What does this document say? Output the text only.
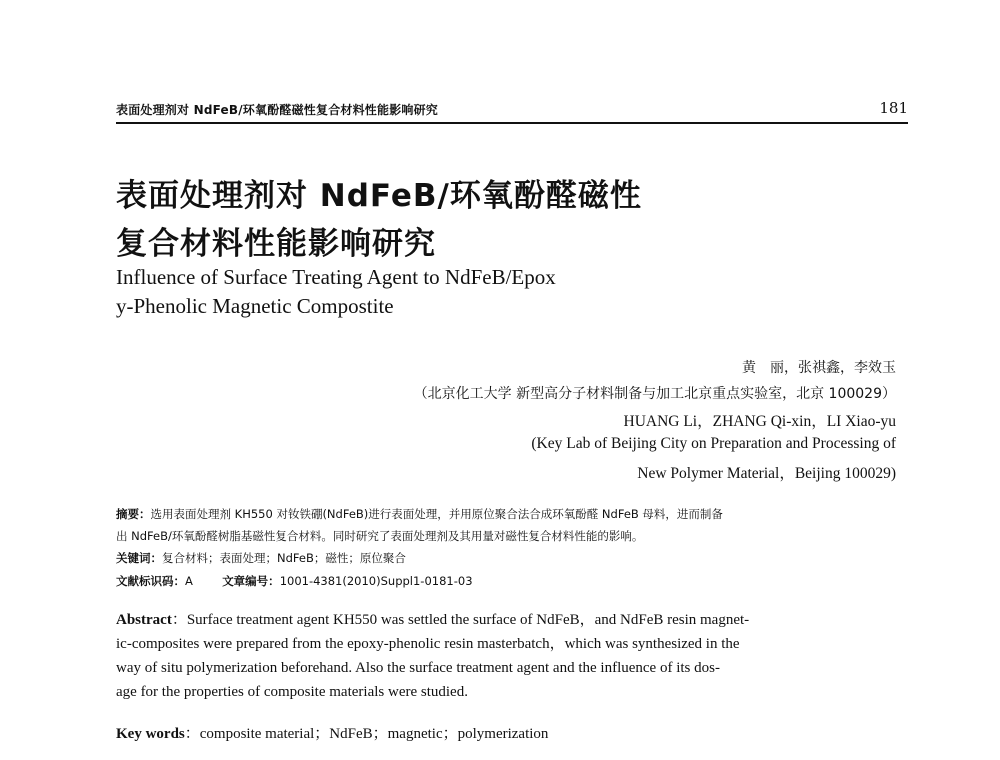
表面处理剂对 NdFeB/环氧酚醛磁性复合材料性能影响研究	181
表面处理剂对 NdFeB/环氧酚醛磁性
复合材料性能影响研究
Influence of Surface Treating Agent to NdFeB/Epox
y-Phenolic Magnetic Compostite
黄　丽，张祺鑫，李效玉
（北京化工大学 新型高分子材料制备与加工北京重点实验室，北京 100029）
HUANG Li，ZHANG Qi-xin，LI Xiao-yu
(Key Lab of Beijing City on Preparation and Processing of
New Polymer Material，Beijing 100029)
摘要：选用表面处理剂 KH550 对钕铁硼(NdFeB)进行表面处理，并用原位聚合法合成环氧酚醛 NdFeB 母料，进而制备
出 NdFeB/环氧酚醛树脂基磁性复合材料。同时研究了表面处理剂及其用量对磁性复合材料性能的影响。
关键词：复合材料；表面处理；NdFeB；磁性；原位聚合
文献标识码：A	文章编号：1001-4381(2010)Suppl1-0181-03
Abstract：Surface treatment agent KH550 was settled the surface of NdFeB，and NdFeB resin magnet-
ic-composites were prepared from the epoxy-phenolic resin masterbatch，which was synthesized in the
way of situ polymerization beforehand. Also the surface treatment agent and the influence of its dos-
age for the properties of composite materials were studied.
Key words：composite material；NdFeB；magnetic；polymerization
